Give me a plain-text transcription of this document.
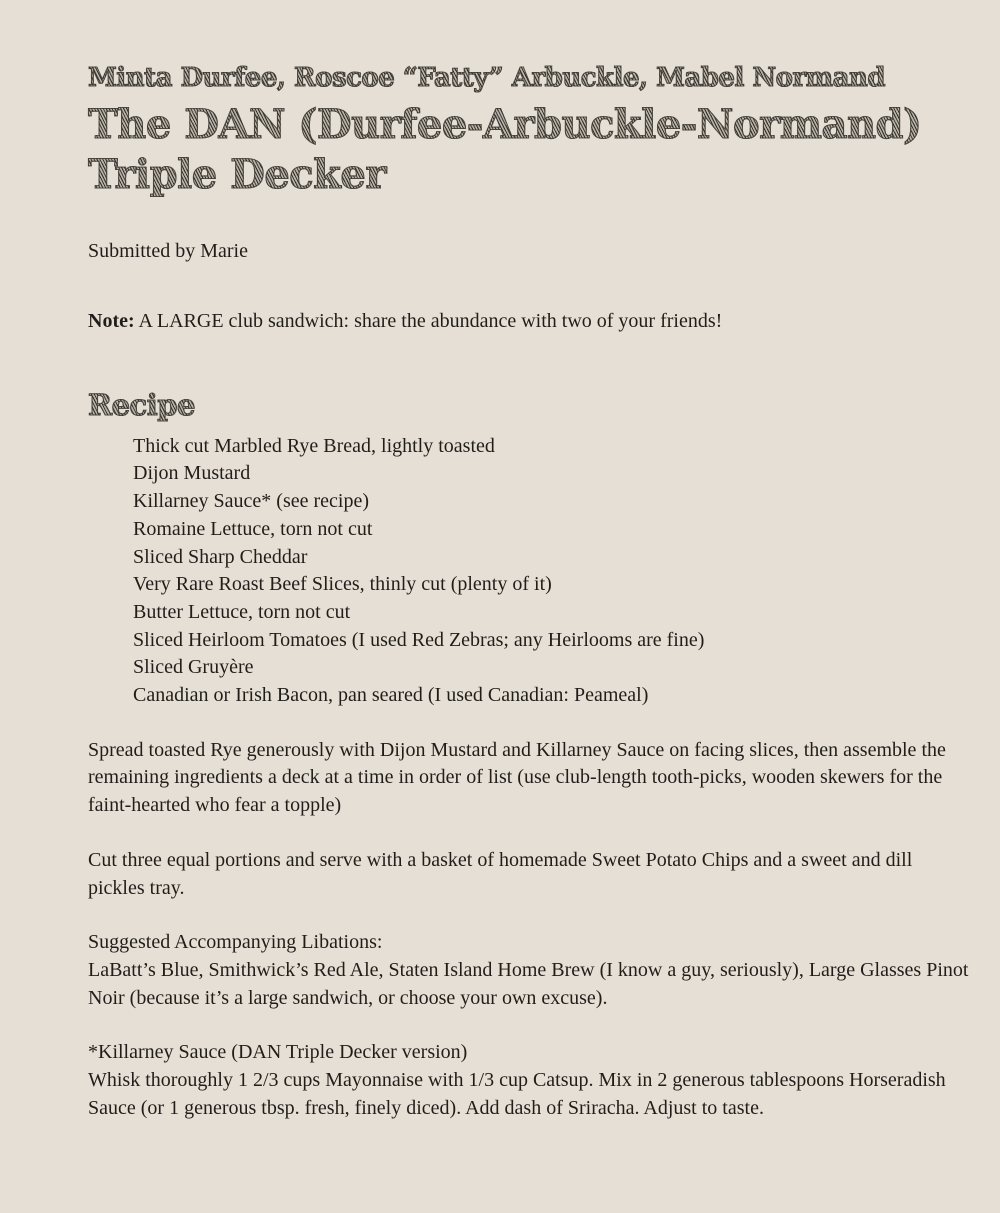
Minta Durfee, Roscoe “Fatty” Arbuckle, Mabel Normand
The DAN (Durfee-Arbuckle-Normand)
Triple Decker

Submitted by Marie

Note: A LARGE club sandwich: share the abundance with two of your friends!

Recipe
Thick cut Marbled Rye Bread, lightly toasted
Dijon Mustard
Killarney Sauce* (see recipe)
Romaine Lettuce, torn not cut
Sliced Sharp Cheddar
Very Rare Roast Beef Slices, thinly cut (plenty of it)
Butter Lettuce, torn not cut
Sliced Heirloom Tomatoes (I used Red Zebras; any Heirlooms are fine)
Sliced Gruyère
Canadian or Irish Bacon, pan seared (I used Canadian: Peameal)

Spread toasted Rye generously with Dijon Mustard and Killarney Sauce on facing slices, then assemble the remaining ingredients a deck at a time in order of list (use club-length tooth-picks, wooden skewers for the faint-hearted who fear a topple)

Cut three equal portions and serve with a basket of homemade Sweet Potato Chips and a sweet and dill pickles tray.

Suggested Accompanying Libations:
LaBatt’s Blue, Smithwick’s Red Ale, Staten Island Home Brew (I know a guy, seriously), Large Glasses Pinot Noir (because it’s a large sandwich, or choose your own excuse).
*Killarney Sauce (DAN Triple Decker version)
Whisk thoroughly 1 2/3 cups Mayonnaise with 1/3 cup Catsup. Mix in 2 generous tablespoons Horseradish Sauce (or 1 generous tbsp. fresh, finely diced). Add dash of Sriracha. Adjust to taste.
